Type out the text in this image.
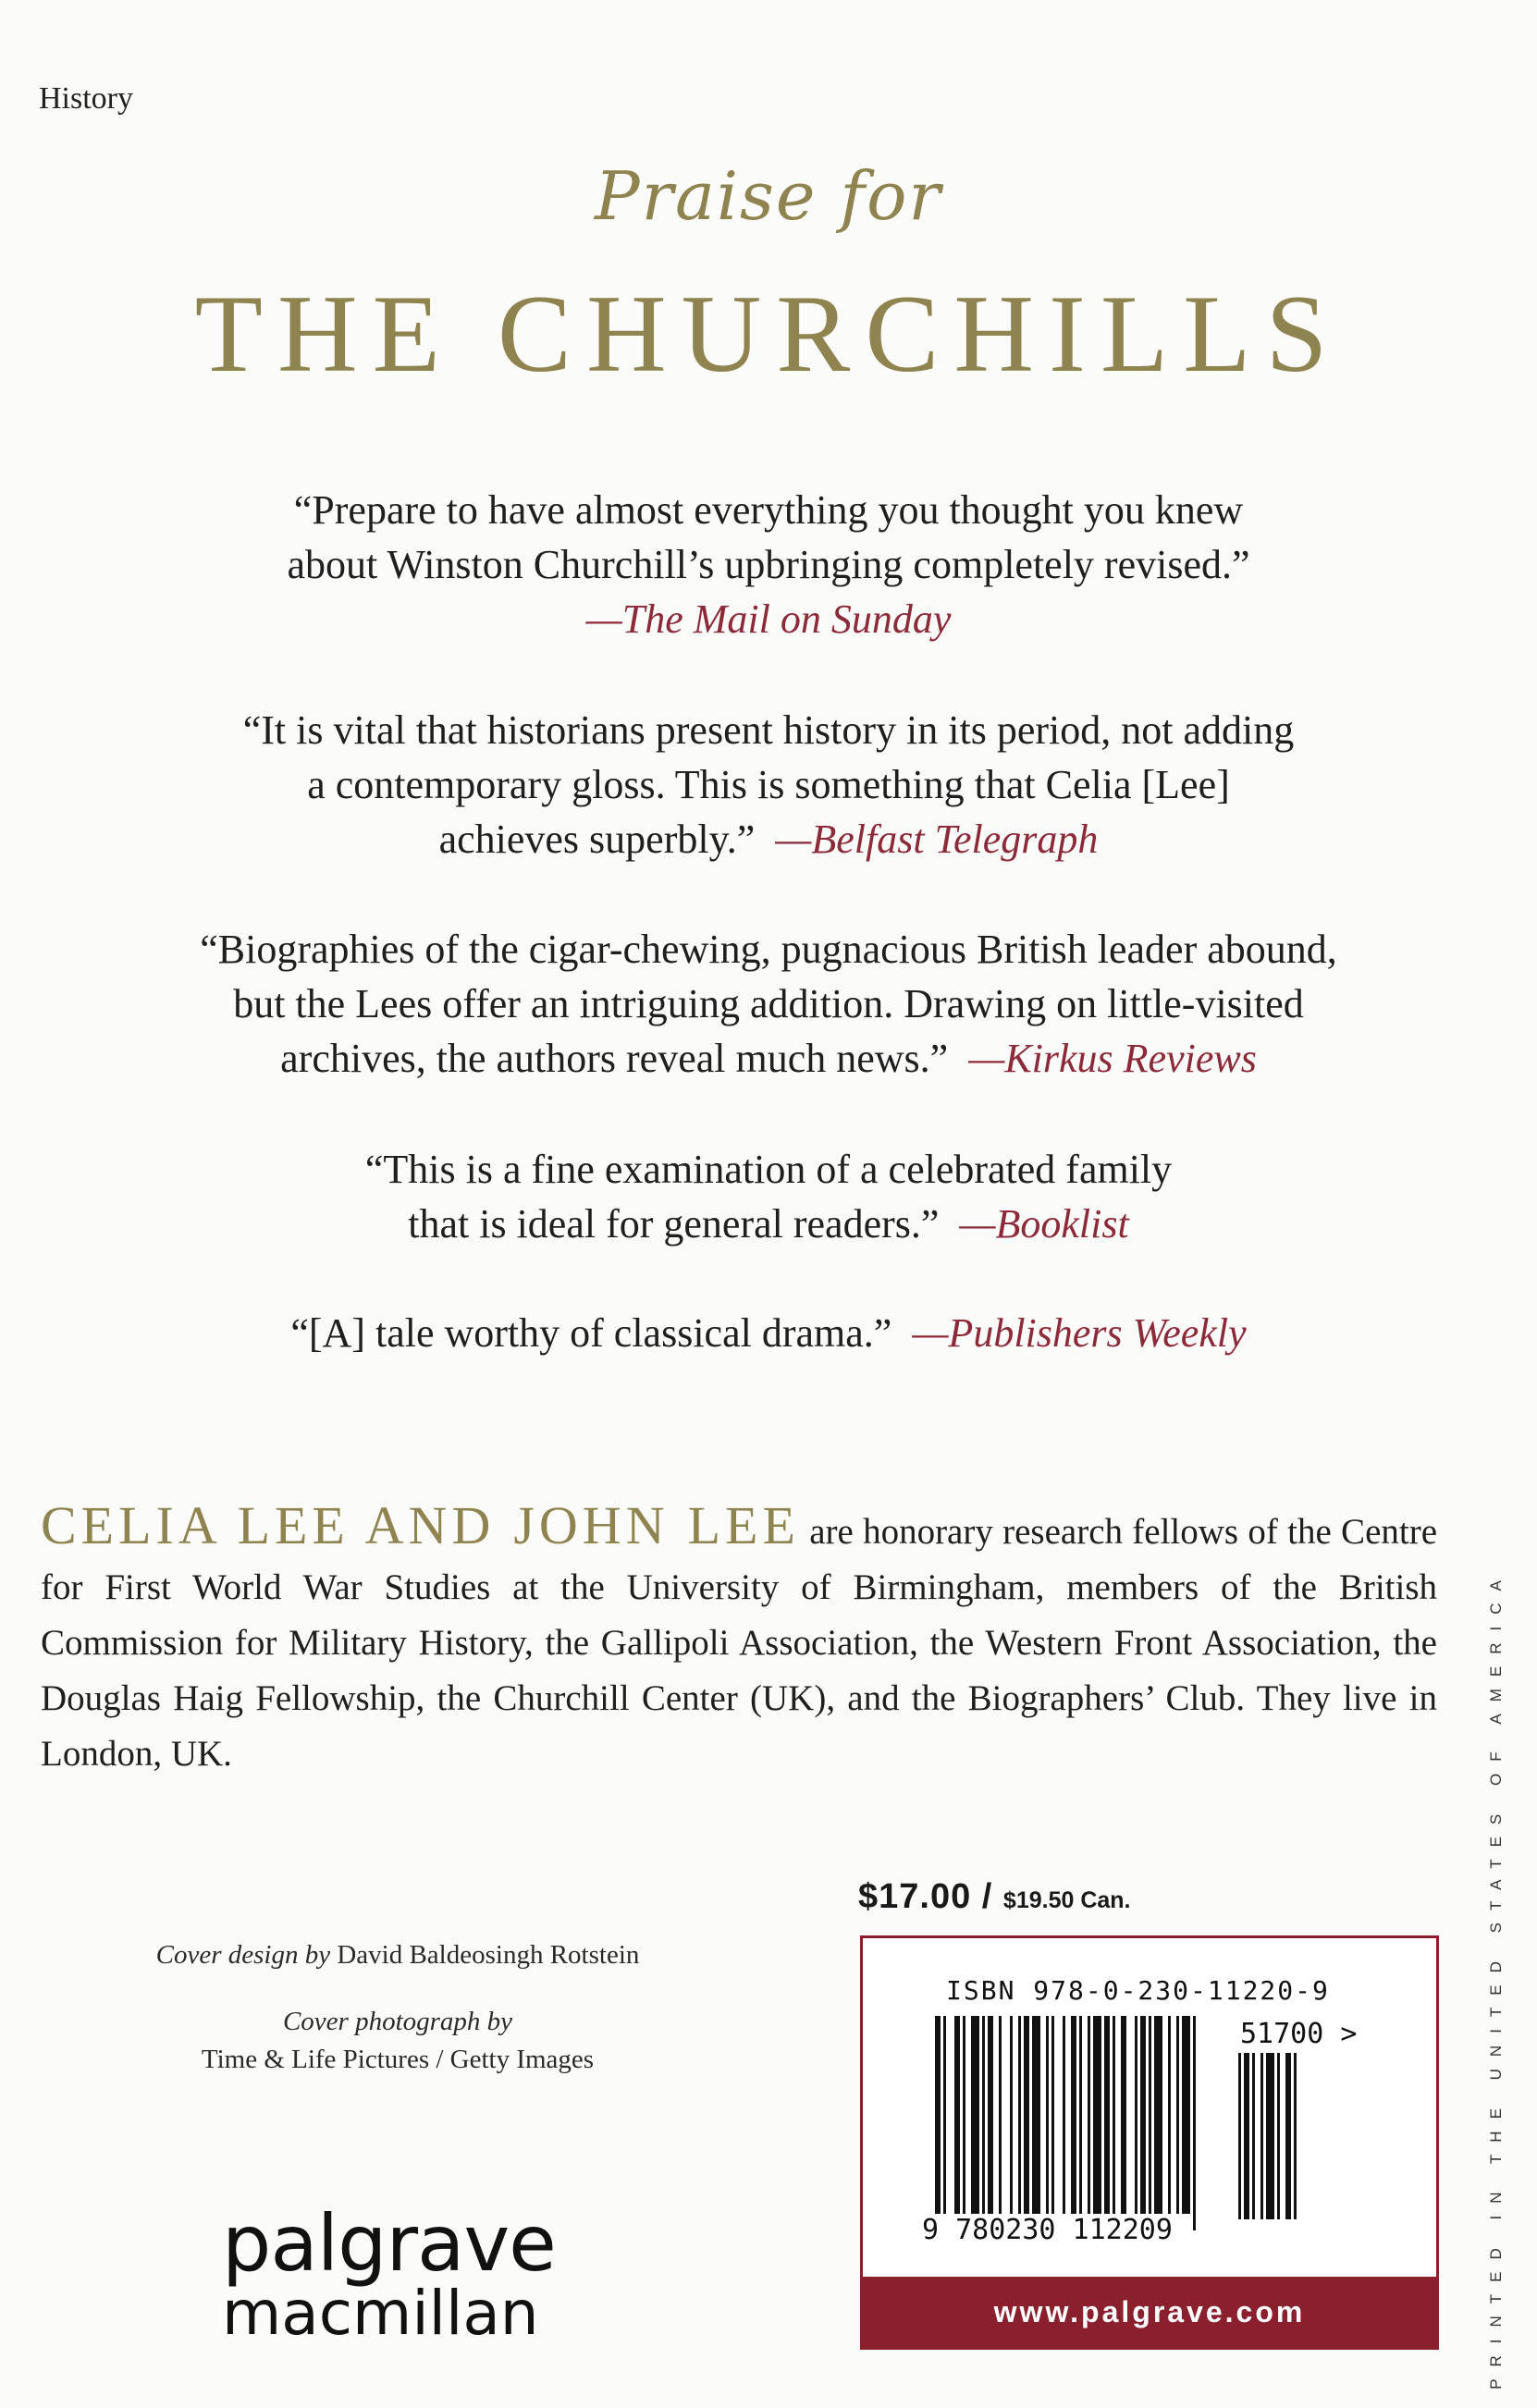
History
Praise for
THE CHURCHILLS
“Prepare to have almost everything you thought you knew
about Winston Churchill’s upbringing completely revised.”
—The Mail on Sunday
“It is vital that historians present history in its period, not adding
a contemporary gloss. This is something that Celia [Lee]
achieves superbly.” —Belfast Telegraph
“Biographies of the cigar-chewing, pugnacious British leader abound,
but the Lees offer an intriguing addition. Drawing on little-visited
archives, the authors reveal much news.” —Kirkus Reviews
“This is a fine examination of a celebrated family
that is ideal for general readers.” —Booklist
“[A] tale worthy of classical drama.” —Publishers Weekly
CELIA LEE AND JOHN LEE are honorary research fellows of the Centre for First World War Studies at the University of Birmingham, members of the British Commission for Military History, the Gallipoli Association, the Western Front Association, the Douglas Haig Fellowship, the Churchill Center (UK), and the Biographers’ Club. They live in London, UK.	PRINTED IN THE UNITED STATES OF AMERICA
Cover design by David Baldeosingh Rotstein
Cover photograph by
Time & Life Pictures / Getty Images
$17.00 / $19.50 Can.
ISBN 978-0-230-11220-9
51700 >
9 780230 112209
www.palgrave.com
palgrave
macmillan
